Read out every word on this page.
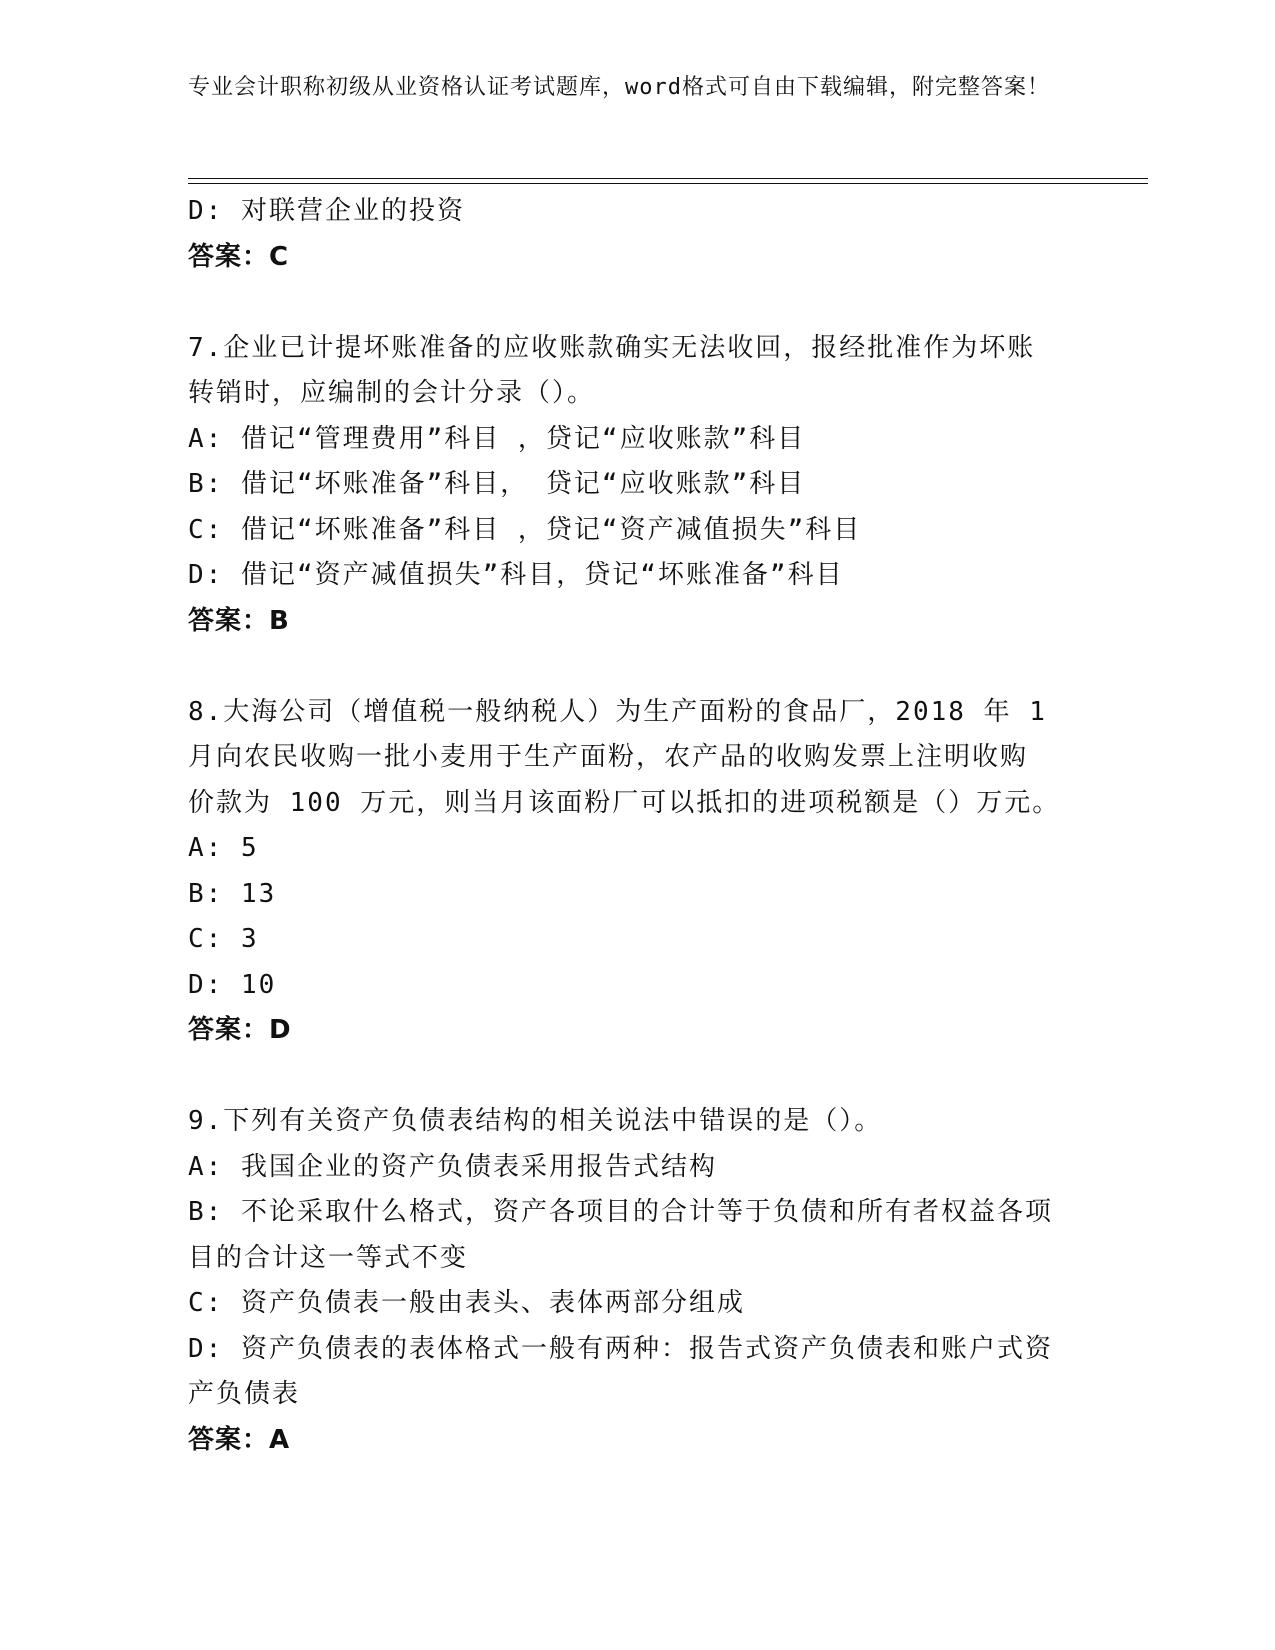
专业会计职称初级从业资格认证考试题库，word格式可自由下载编辑，附完整答案！
D: 对联营企业的投资
答案：C
7.企业已计提坏账准备的应收账款确实无法收回，报经批准作为坏账
转销时，应编制的会计分录（）。
A: 借记“管理费用”科目 ，贷记“应收账款”科目
B: 借记“坏账准备”科目， 贷记“应收账款”科目
C: 借记“坏账准备”科目 ，贷记“资产减值损失”科目
D: 借记“资产减值损失”科目，贷记“坏账准备”科目
答案：B
8.大海公司（增值税一般纳税人）为生产面粉的食品厂，2018 年 1
月向农民收购一批小麦用于生产面粉，农产品的收购发票上注明收购
价款为 100 万元，则当月该面粉厂可以抵扣的进项税额是（）万元。
A: 5
B: 13
C: 3
D: 10
答案：D
9.下列有关资产负债表结构的相关说法中错误的是（）。
A: 我国企业的资产负债表采用报告式结构
B: 不论采取什么格式，资产各项目的合计等于负债和所有者权益各项
目的合计这一等式不变
C: 资产负债表一般由表头、表体两部分组成
D: 资产负债表的表体格式一般有两种：报告式资产负债表和账户式资
产负债表
答案：A
